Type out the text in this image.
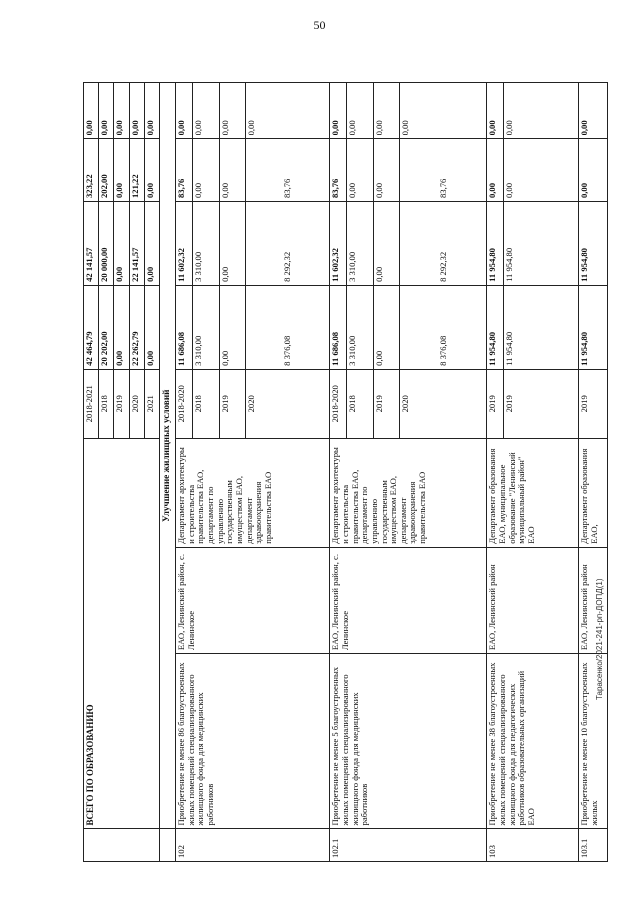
50
Тарасенко/2021-241-рп-ДОПД(1)
	ВСЕГО ПО ОБРАЗОВАНИЮ			2018-2021	42 464,79	42 141,57	323,22	0,00
				2018	20 202,00	20 000,00	202,00	0,00
				2019	0,00	0,00	0,00	0,00
				2020	22 262,79	22 141,57	121,22	0,00
				2021	0,00	0,00	0,00	0,00
	Улучшение жилищных условий							
102	Приобретение не менее 86 благоустроенных жилых помещений специализированного жилищного фонда для медицинских работников	ЕАО, Ленинский район, с. Ленинское	Департамент архитектуры и строительства правительства ЕАО, департамент по управлению государственным имуществом ЕАО, департамент здравоохранения правительства ЕАО	2018-2020	11 686,08	11 602,32	83,76	0,00
				2018	3 310,00	3 310,00	0,00	0,00
				2019	0,00	0,00	0,00	0,00
				2020	8 376,08	8 292,32	83,76	0,00
102.1	Приобретение не менее 5 благоустроенных жилых помещений специализированного жилищного фонда для медицинских работников	ЕАО, Ленинский район, с. Ленинское	Департамент архитектуры и строительства правительства ЕАО, департамент по управлению государственным имуществом ЕАО, департамент здравоохранения правительства ЕАО	2018-2020	11 686,08	11 602,32	83,76	0,00
				2018	3 310,00	3 310,00	0,00	0,00
				2019	0,00	0,00	0,00	0,00
				2020	8 376,08	8 292,32	83,76	0,00
103	Приобретение не менее 38 благоустроенных жилых помещений специализированного жилищного фонда для педагогических работников образовательных организаций ЕАО	ЕАО, Ленинский район	Департамент образования ЕАО, муниципальное образование "Ленинский муниципальный район" ЕАО	2019	11 954,80	11 954,80	0,00	0,00
				2019	11 954,80	11 954,80	0,00	0,00
103.1	Приобретение не менее 10 благоустроенных жилых	ЕАО, Ленинский район	Департамент образования ЕАО,	2019	11 954,80	11 954,80	0,00	0,00
